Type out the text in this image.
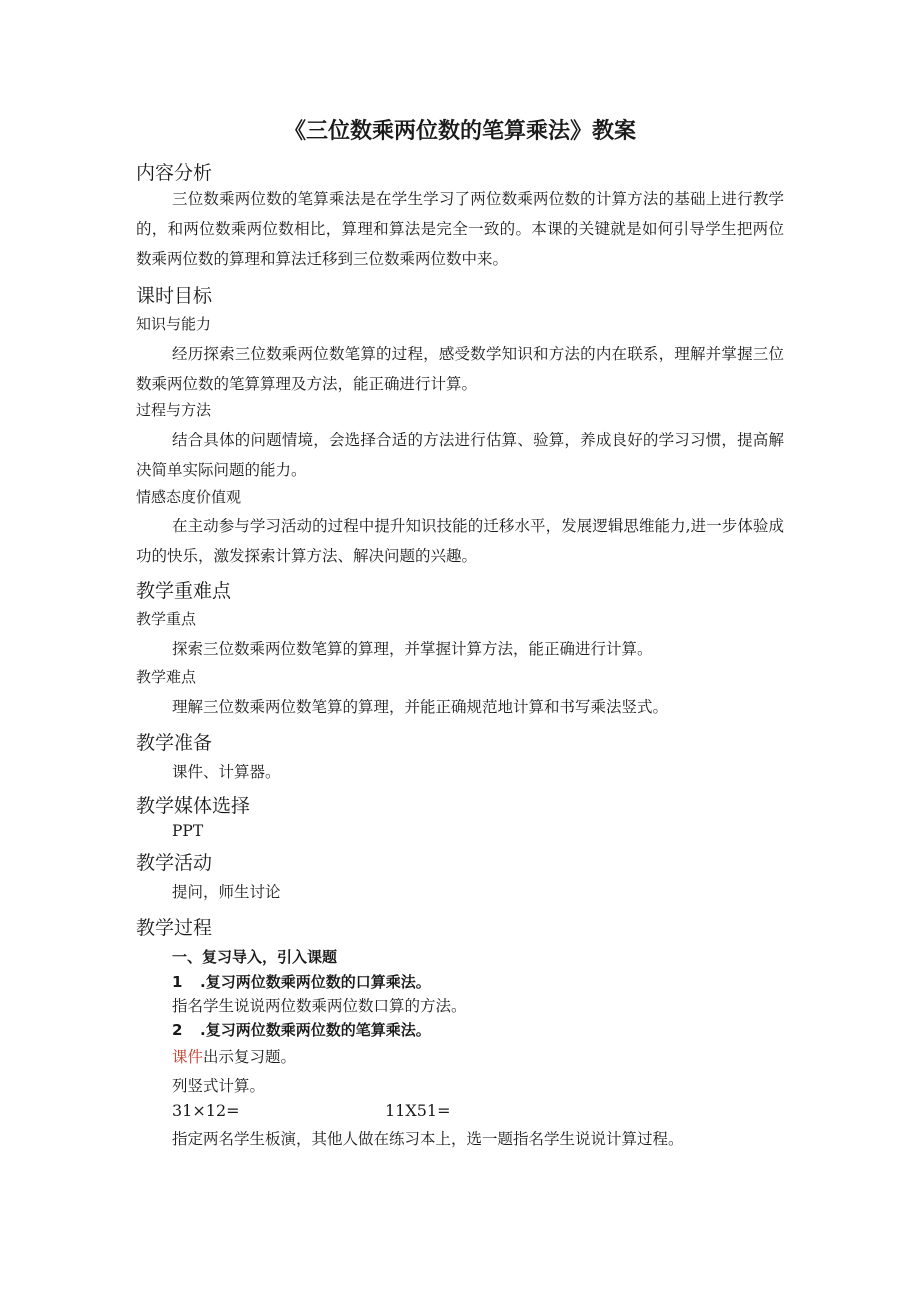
《三位数乘两位数的笔算乘法》教案
内容分析

三位数乘两位数的笔算乘法是在学生学习了两位数乘两位数的计算方法的基础上进行教学的，和两位数乘两位数相比，算理和算法是完全一致的。本课的关键就是如何引导学生把两位数乘两位数的算理和算法迁移到三位数乘两位数中来。

课时目标
知识与能力

经历探索三位数乘两位数笔算的过程，感受数学知识和方法的内在联系，理解并掌握三位数乘两位数的笔算算理及方法，能正确进行计算。

过程与方法

结合具体的问题情境，会选择合适的方法进行估算、验算，养成良好的学习习惯，提高解决简单实际问题的能力。

情感态度价值观

在主动参与学习活动的过程中提升知识技能的迁移水平，发展逻辑思维能力,进一步体验成功的快乐，激发探索计算方法、解决问题的兴趣。

教学重难点
教学重点
探索三位数乘两位数笔算的算理，并掌握计算方法，能正确进行计算。
教学难点
理解三位数乘两位数笔算的算理，并能正确规范地计算和书写乘法竖式。
教学准备
课件、计算器。
教学媒体选择
PPT
教学活动
提问，师生讨论
教学过程
一、复习导入，引入课题
1 .复习两位数乘两位数的口算乘法。
指名学生说说两位数乘两位数口算的方法。
2 .复习两位数乘两位数的笔算乘法。
课件出示复习题。
列竖式计算。
31×12=	11X51=
指定两名学生板演，其他人做在练习本上，选一题指名学生说说计算过程。
